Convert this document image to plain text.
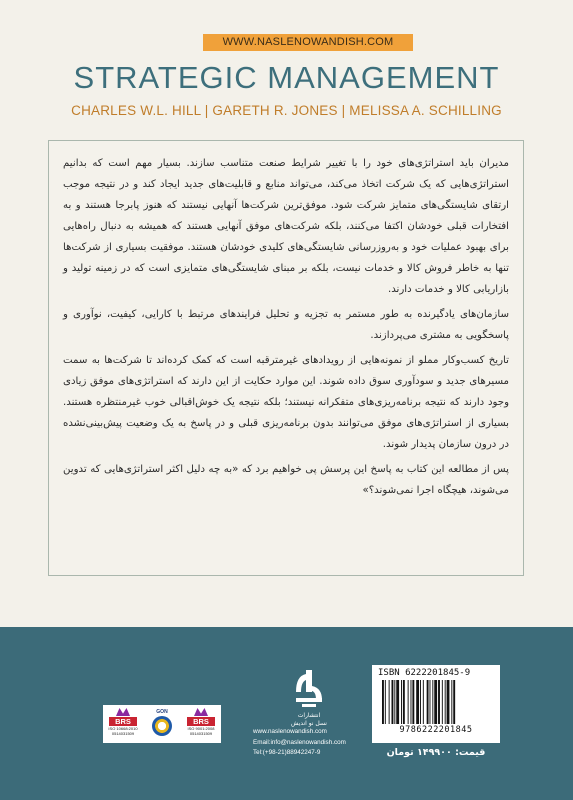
WWW.NASLENOWANDISH.COM
STRATEGIC MANAGEMENT
CHARLES W.L. HILL | GARETH R. JONES | MELISSA A. SCHILLING

مدیران باید استراتژی‌های خود را با تغییر شرایط صنعت متناسب سازند. بسیار مهم است که بدانیم استراتژی‌هایی که یک شرکت اتخاذ می‌کند، می‌تواند منابع و قابلیت‌های جدید ایجاد کند و در نتیجه موجب ارتقای شایستگی‌های متمایز شرکت شود. موفق‌ترین شرکت‌ها آنهایی نیستند که هنوز پابرجا هستند و به افتخارات قبلی خودشان اکتفا می‌کنند، بلکه شرکت‌های موفق آنهایی هستند که همیشه به دنبال راه‌هایی برای بهبود عملیات خود و به‌روزرسانی شایستگی‌های کلیدی خودشان هستند. موفقیت بسیاری از شرکت‌ها تنها به خاطر فروش کالا و خدمات نیست، بلکه بر مبنای شایستگی‌های متمایزی است که در زمینه تولید و بازاریابی کالا و خدمات دارند.

سازمان‌های یادگیرنده به طور مستمر به تجزیه و تحلیل فرایندهای مرتبط با کارایی، کیفیت، نوآوری و پاسخگویی به مشتری می‌پردازند.

تاریخ کسب‌وکار مملو از نمونه‌هایی از رویدادهای غیرمترقبه است که کمک کرده‌اند تا شرکت‌ها به سمت مسیرهای جدید و سودآوری سوق داده شوند. این موارد حکایت از این دارند که استراتژی‌های موفق زیادی وجود دارند که نتیجه برنامه‌ریزی‌های متفکرانه نیستند؛ بلکه نتیجه یک خوش‌اقبالی خوب غیرمنتظره هستند. بسیاری از استراتژی‌های موفق می‌توانند بدون برنامه‌ریزی قبلی و در پاسخ به یک وضعیت پیش‌بینی‌نشده در درون سازمان پدیدار شوند.

پس از مطالعه این کتاب به پاسخ این پرسش پی خواهیم برد که «به چه دلیل اکثر استراتژی‌هایی که تدوین می‌شوند، هیچگاه اجرا نمی‌شوند؟»

BRS
ISO 10668:2010
0514031509
GON
BRS
ISO 9001:2008
0514031509
انتشارات
نسل نو اندیش
www.naslenowandish.com
Email:info@naslenowandish.com
Tel:(+98-21)88942247-9
ISBN 6222201845-9
9786222201845
قیمت: ۱۴۹۹۰۰ تومان
